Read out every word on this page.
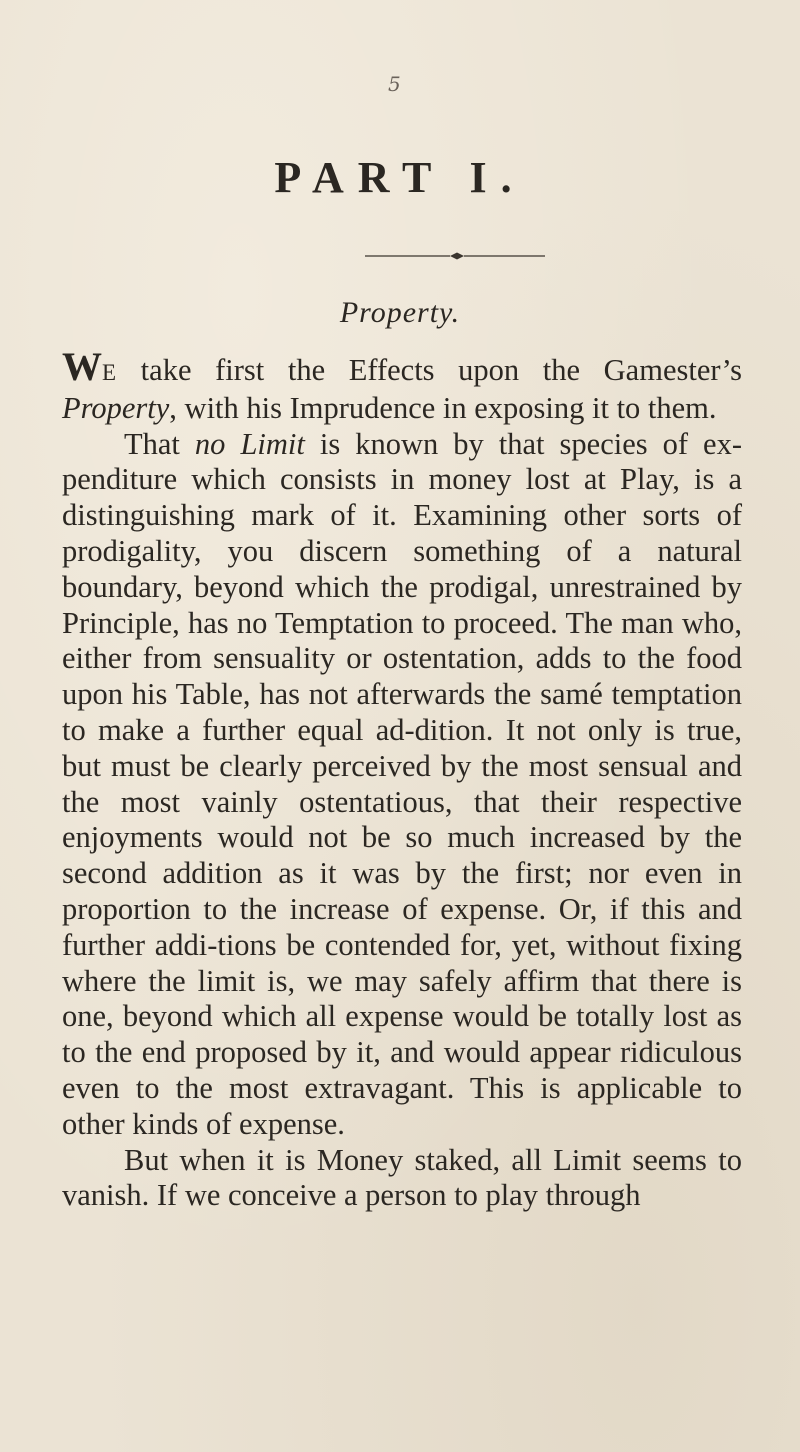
5
PART I.
Property.

WE take first the Effects upon the Gamester’s Property, with his Imprudence in exposing it to them.

That no Limit is known by that species of ex-penditure which consists in money lost at Play, is a distinguishing mark of it. Examining other sorts of prodigality, you discern something of a natural boundary, beyond which the prodigal, unrestrained by Principle, has no Temptation to proceed. The man who, either from sensuality or ostentation, adds to the food upon his Table, has not afterwards the samé temptation to make a further equal ad-dition. It not only is true, but must be clearly perceived by the most sensual and the most vainly ostentatious, that their respective enjoyments would not be so much increased by the second addition as it was by the first; nor even in proportion to the increase of expense. Or, if this and further addi-tions be contended for, yet, without fixing where the limit is, we may safely affirm that there is one, beyond which all expense would be totally lost as to the end proposed by it, and would appear ridiculous even to the most extravagant. This is applicable to other kinds of expense.

But when it is Money staked, all Limit seems to vanish. If we conceive a person to play through
